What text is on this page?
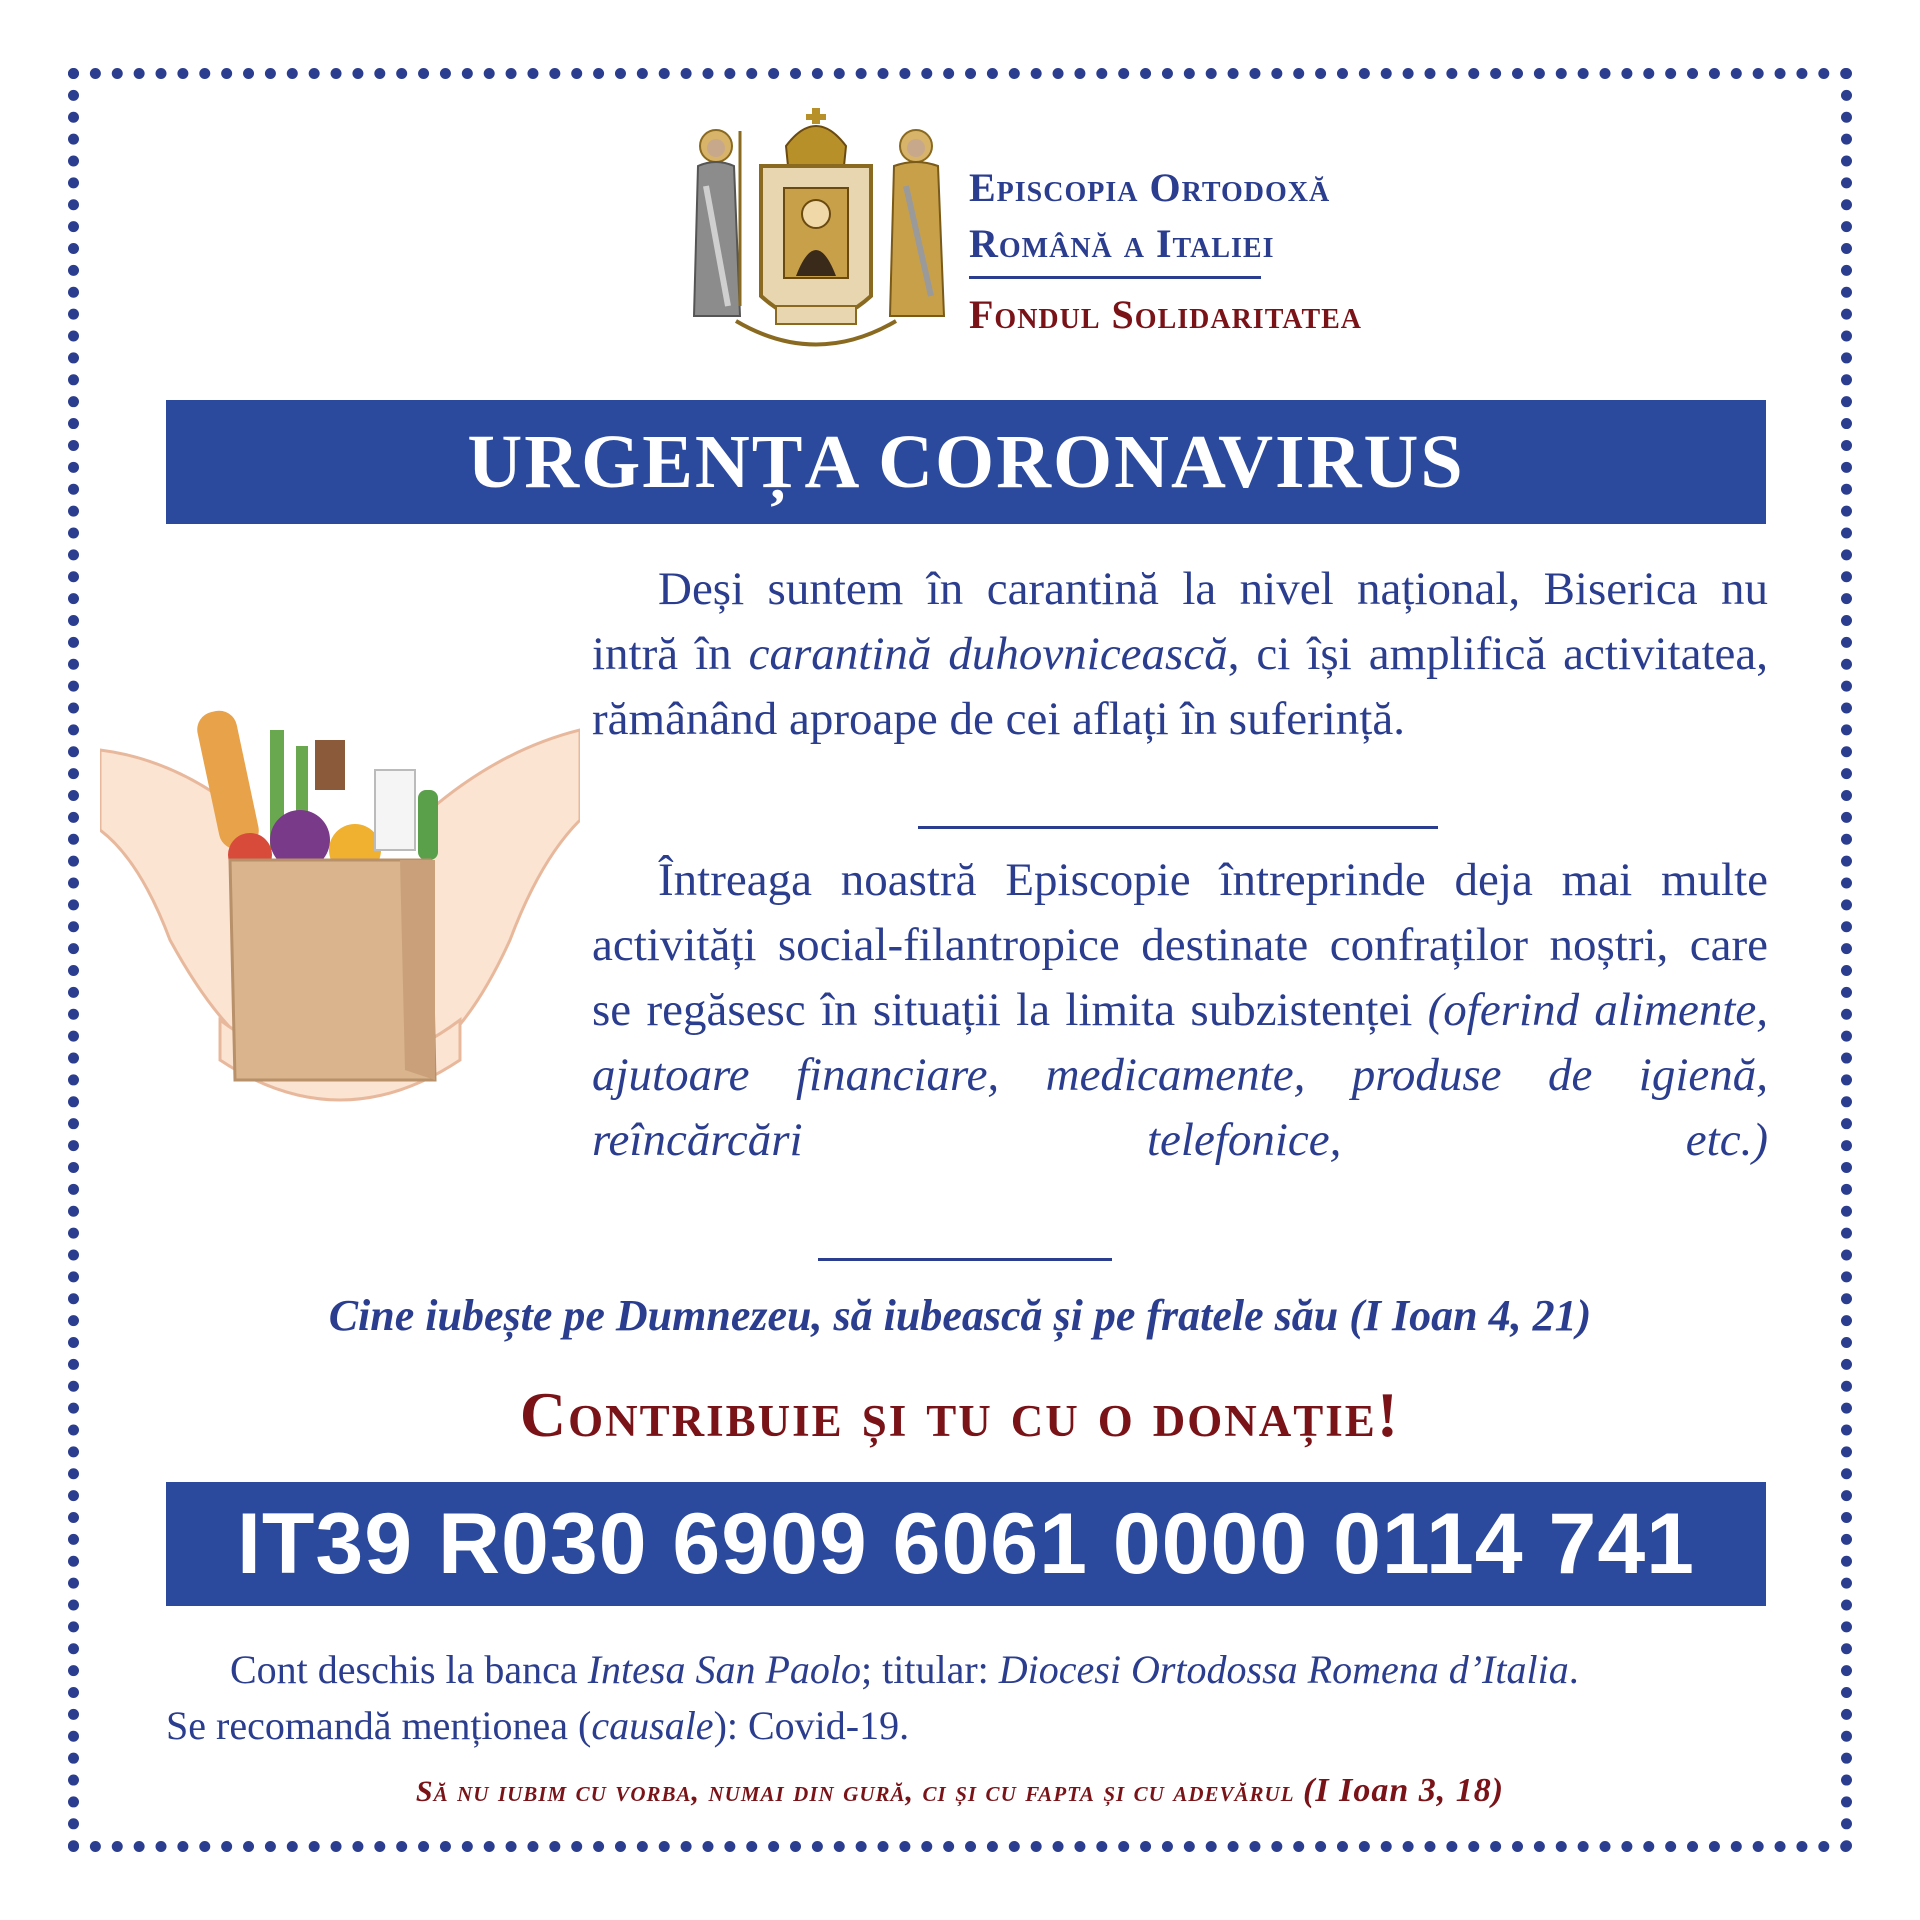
Episcopia Ortodoxă
Română a Italiei
Fondul Solidaritatea
URGENȚA CORONAVIRUS
Deși suntem în carantină la nivel național, Biserica nu intră în carantină duhovnicească, ci își amplifică activitatea, rămânând aproape de cei aflați în suferință.
Întreaga noastră Episcopie întreprinde deja mai multe activități social-filantropice destinate confraților noștri, care se regăsesc în situații la limita subzistenței (oferind alimente, ajutoare financiare, medicamente, produse de igienă, reîncărcări telefonice, etc.)
Cine iubește pe Dumnezeu, să iubească și pe fratele său (I Ioan 4, 21)
Contribuie și tu cu o donație!
IT39 R030 6909 6061 0000 0114 741
Cont deschis la banca Intesa San Paolo; titular: Diocesi Ortodossa Romena d’Italia.
Se recomandă menționea (causale): Covid-19.
Să nu iubim cu vorba, numai din gură, ci și cu fapta și cu adevărul (I Ioan 3, 18)
